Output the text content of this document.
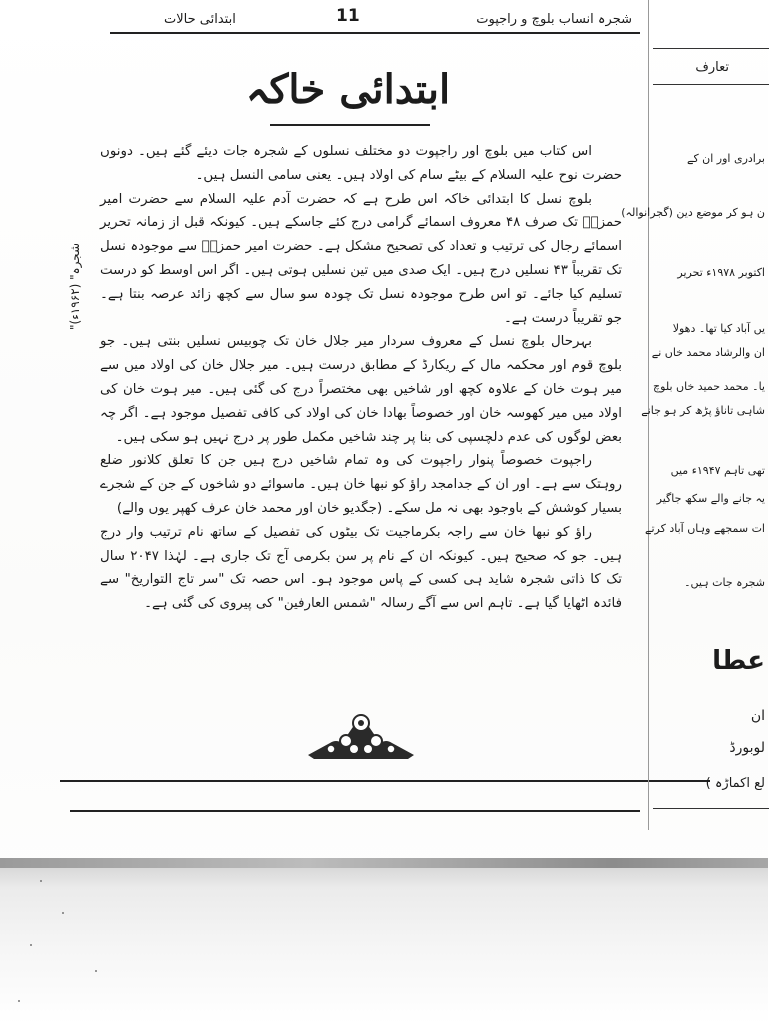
ابتدائی حالات	11	شجرہ انساب بلوچ و راجپوت
ابتدائی خاکہ

اس کتاب میں بلوچ اور راجپوت دو مختلف نسلوں کے شجرہ جات دیئے گئے ہیں۔ دونوں حضرت نوح علیہ السلام کے بیٹے سام کی اولاد ہیں۔ یعنی سامی النسل ہیں۔

بلوچ نسل کا ابتدائی خاکہ اس طرح ہے کہ حضرت آدم علیہ السلام سے حضرت امیر حمزہؓ تک صرف ۴۸ معروف اسمائے گرامی درج کئے جاسکے ہیں۔ کیونکہ قبل از زمانہ تحریر اسمائے رجال کی ترتیب و تعداد کی تصحیح مشکل ہے۔ حضرت امیر حمزہؓ سے موجودہ نسل تک تقریباً ۴۳ نسلیں درج ہیں۔ ایک صدی میں تین نسلیں ہوتی ہیں۔ اگر اس اوسط کو درست تسلیم کیا جائے۔ تو اس طرح موجودہ نسل تک چودہ سو سال سے کچھ زائد عرصہ بنتا ہے۔ جو تقریباً درست ہے۔

بہرحال بلوچ نسل کے معروف سردار میر جلال خان تک چوبیس نسلیں بنتی ہیں۔ جو بلوچ قوم اور محکمہ مال کے ریکارڈ کے مطابق درست ہیں۔ میر جلال خان کی اولاد میں سے میر ہوت خان کے علاوہ کچھ اور شاخیں بھی مختصراً درج کی گئی ہیں۔ میر ہوت خان کی اولاد میں میر کھوسہ خان اور خصوصاً بھادا خان کی اولاد کی کافی تفصیل موجود ہے۔ اگر چہ بعض لوگوں کی عدم دلچسپی کی بنا پر چند شاخیں مکمل طور پر درج نہیں ہو سکی ہیں۔

راجپوت خصوصاً پنوار راجپوت کی وہ تمام شاخیں درج ہیں جن کا تعلق کلانور ضلع روہتک سے ہے۔ اور ان کے جدامجد راؤ کو نبھا خان ہیں۔ ماسوائے دو شاخوں کے جن کے شجرے بسیار کوشش کے باوجود بھی نہ مل سکے۔ (جگدیو خان اور محمد خان عرف کھپر یوں والے)

راؤ کو نبھا خان سے راجہ بکرماجیت تک بیٹوں کی تفصیل کے ساتھ نام ترتیب وار درج ہیں۔ جو کہ صحیح ہیں۔ کیونکہ ان کے نام پر سن بکرمی آج تک جاری ہے۔ لہٰذا ۲۰۴۷ سال تک کا ذاتی شجرہ شاید ہی کسی کے پاس موجود ہو۔ اس حصہ تک "سر تاج التواریخ" سے فائدہ اٹھایا گیا ہے۔ تاہم اس سے آگے رسالہ "شمس العارفین" کی پیروی کی گئی ہے۔

"شجرہ" (۱۹۶۲ء)
تعارف
برادری اور ان کے
ن ہو کر موضع دین (گجرانوالہ)
اکتوبر ۱۹۷۸ء تحریر
یں آباد کیا تھا۔ دھولا
ان والرشاد محمد خاں نے
یا۔ محمد حمید خاں بلوچ
شاہی تاناؤ پڑھ کر ہو جانے
تھی تاہم ۱۹۴۷ء میں
یہ جانے والے سکھ جاگیر
ات سمجھے وہاں آباد کرتے
شجرہ جات ہیں۔
عطا
ان
لوبورڈ
لع اکماڑہ )
